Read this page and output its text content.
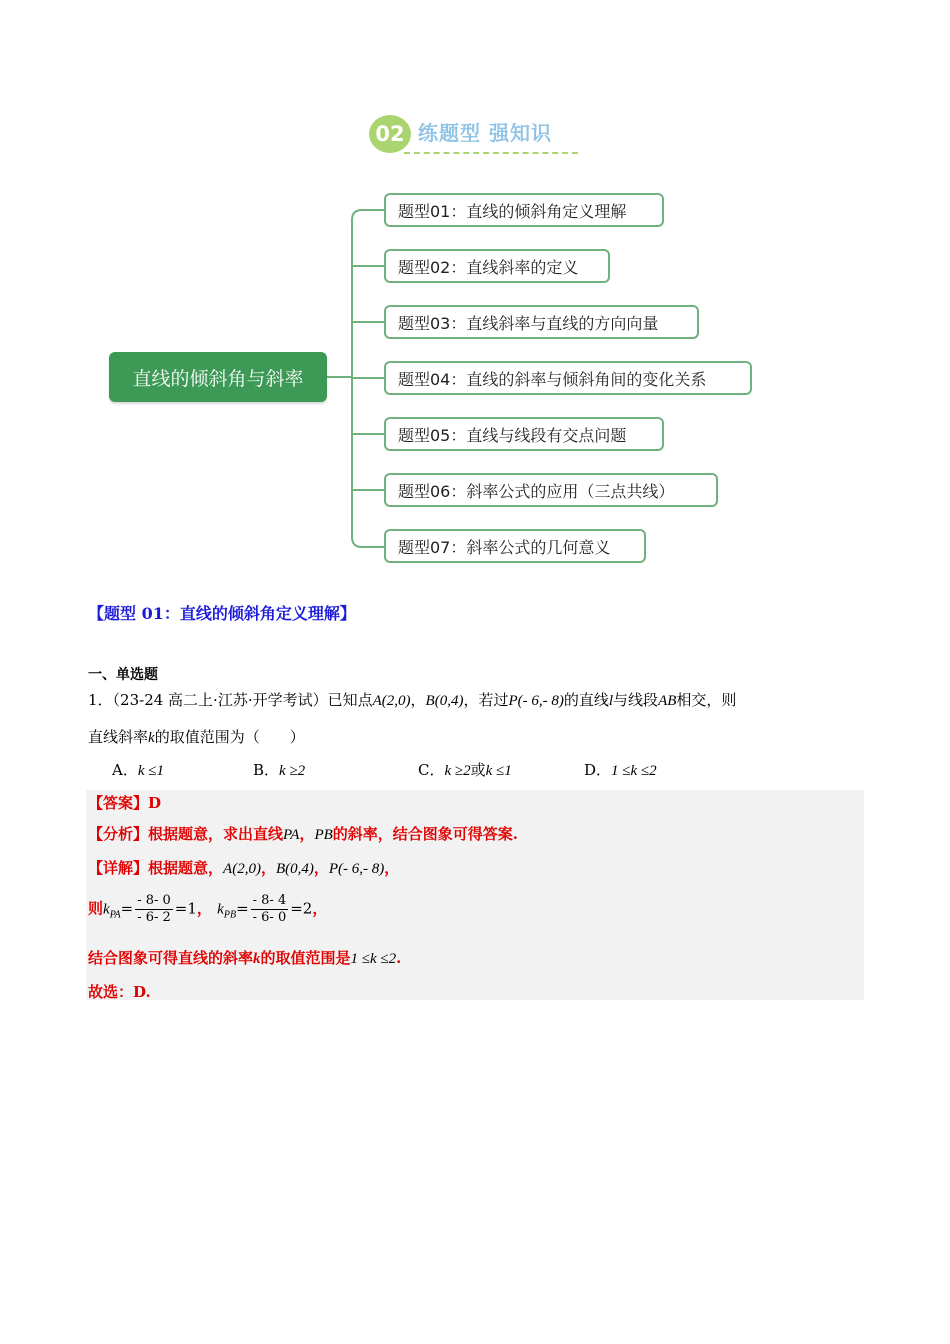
02 练题型 强知识
直线的倾斜角与斜率
题型01：直线的倾斜角定义理解
题型02：直线斜率的定义
题型03：直线斜率与直线的方向向量
题型04：直线的斜率与倾斜角间的变化关系
题型05：直线与线段有交点问题
题型06：斜率公式的应用（三点共线）
题型07：斜率公式的几何意义
【题型 01：直线的倾斜角定义理解】
一、单选题
1．（23-24 高二上·江苏·开学考试）已知点A(2,0)，B(0,4)，若过P(- 6,- 8)的直线l与线段AB相交，则
直线斜率k的取值范围为（　　）
A．k ≤1	B．k ≥2	C．k ≥2或k ≤1	D．1 ≤k ≤2
【答案】D
【分析】根据题意，求出直线PA，PB的斜率，结合图象可得答案.
【详解】根据题意，A(2,0)，B(0,4)，P(- 6,- 8)，
则$k_{PA}= \frac{- 8- 0}{- 6- 2} =1$， $k_{PB}= \frac{- 8- 4}{- 6- 0} =2$，
结合图象可得直线的斜率k的取值范围是1 ≤k ≤2.
故选：D.
